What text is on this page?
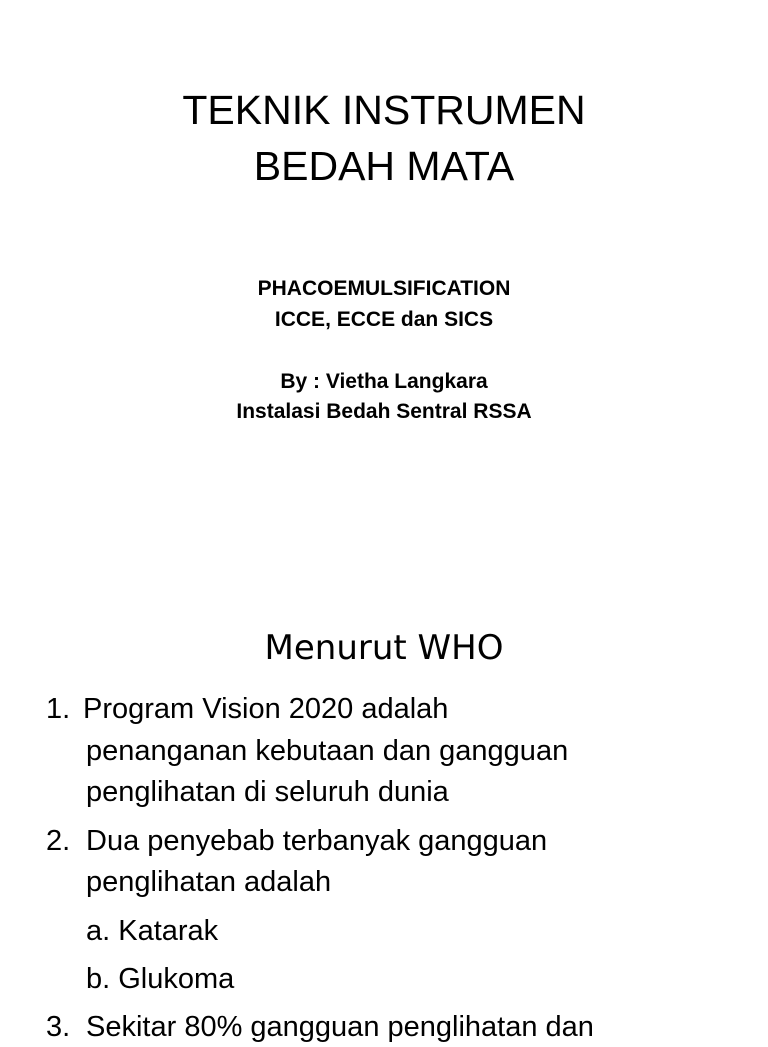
TEKNIK INSTRUMEN
BEDAH MATA
PHACOEMULSIFICATION
ICCE, ECCE dan SICS
By : Vietha Langkara
Instalasi Bedah Sentral RSSA
Menurut WHO
1. Program Vision 2020 adalah
penanganan kebutaan dan gangguan
penglihatan di seluruh dunia
2. Dua penyebab terbanyak gangguan
penglihatan adalah
a. Katarak
b. Glukoma
3. Sekitar 80% gangguan penglihatan dan
